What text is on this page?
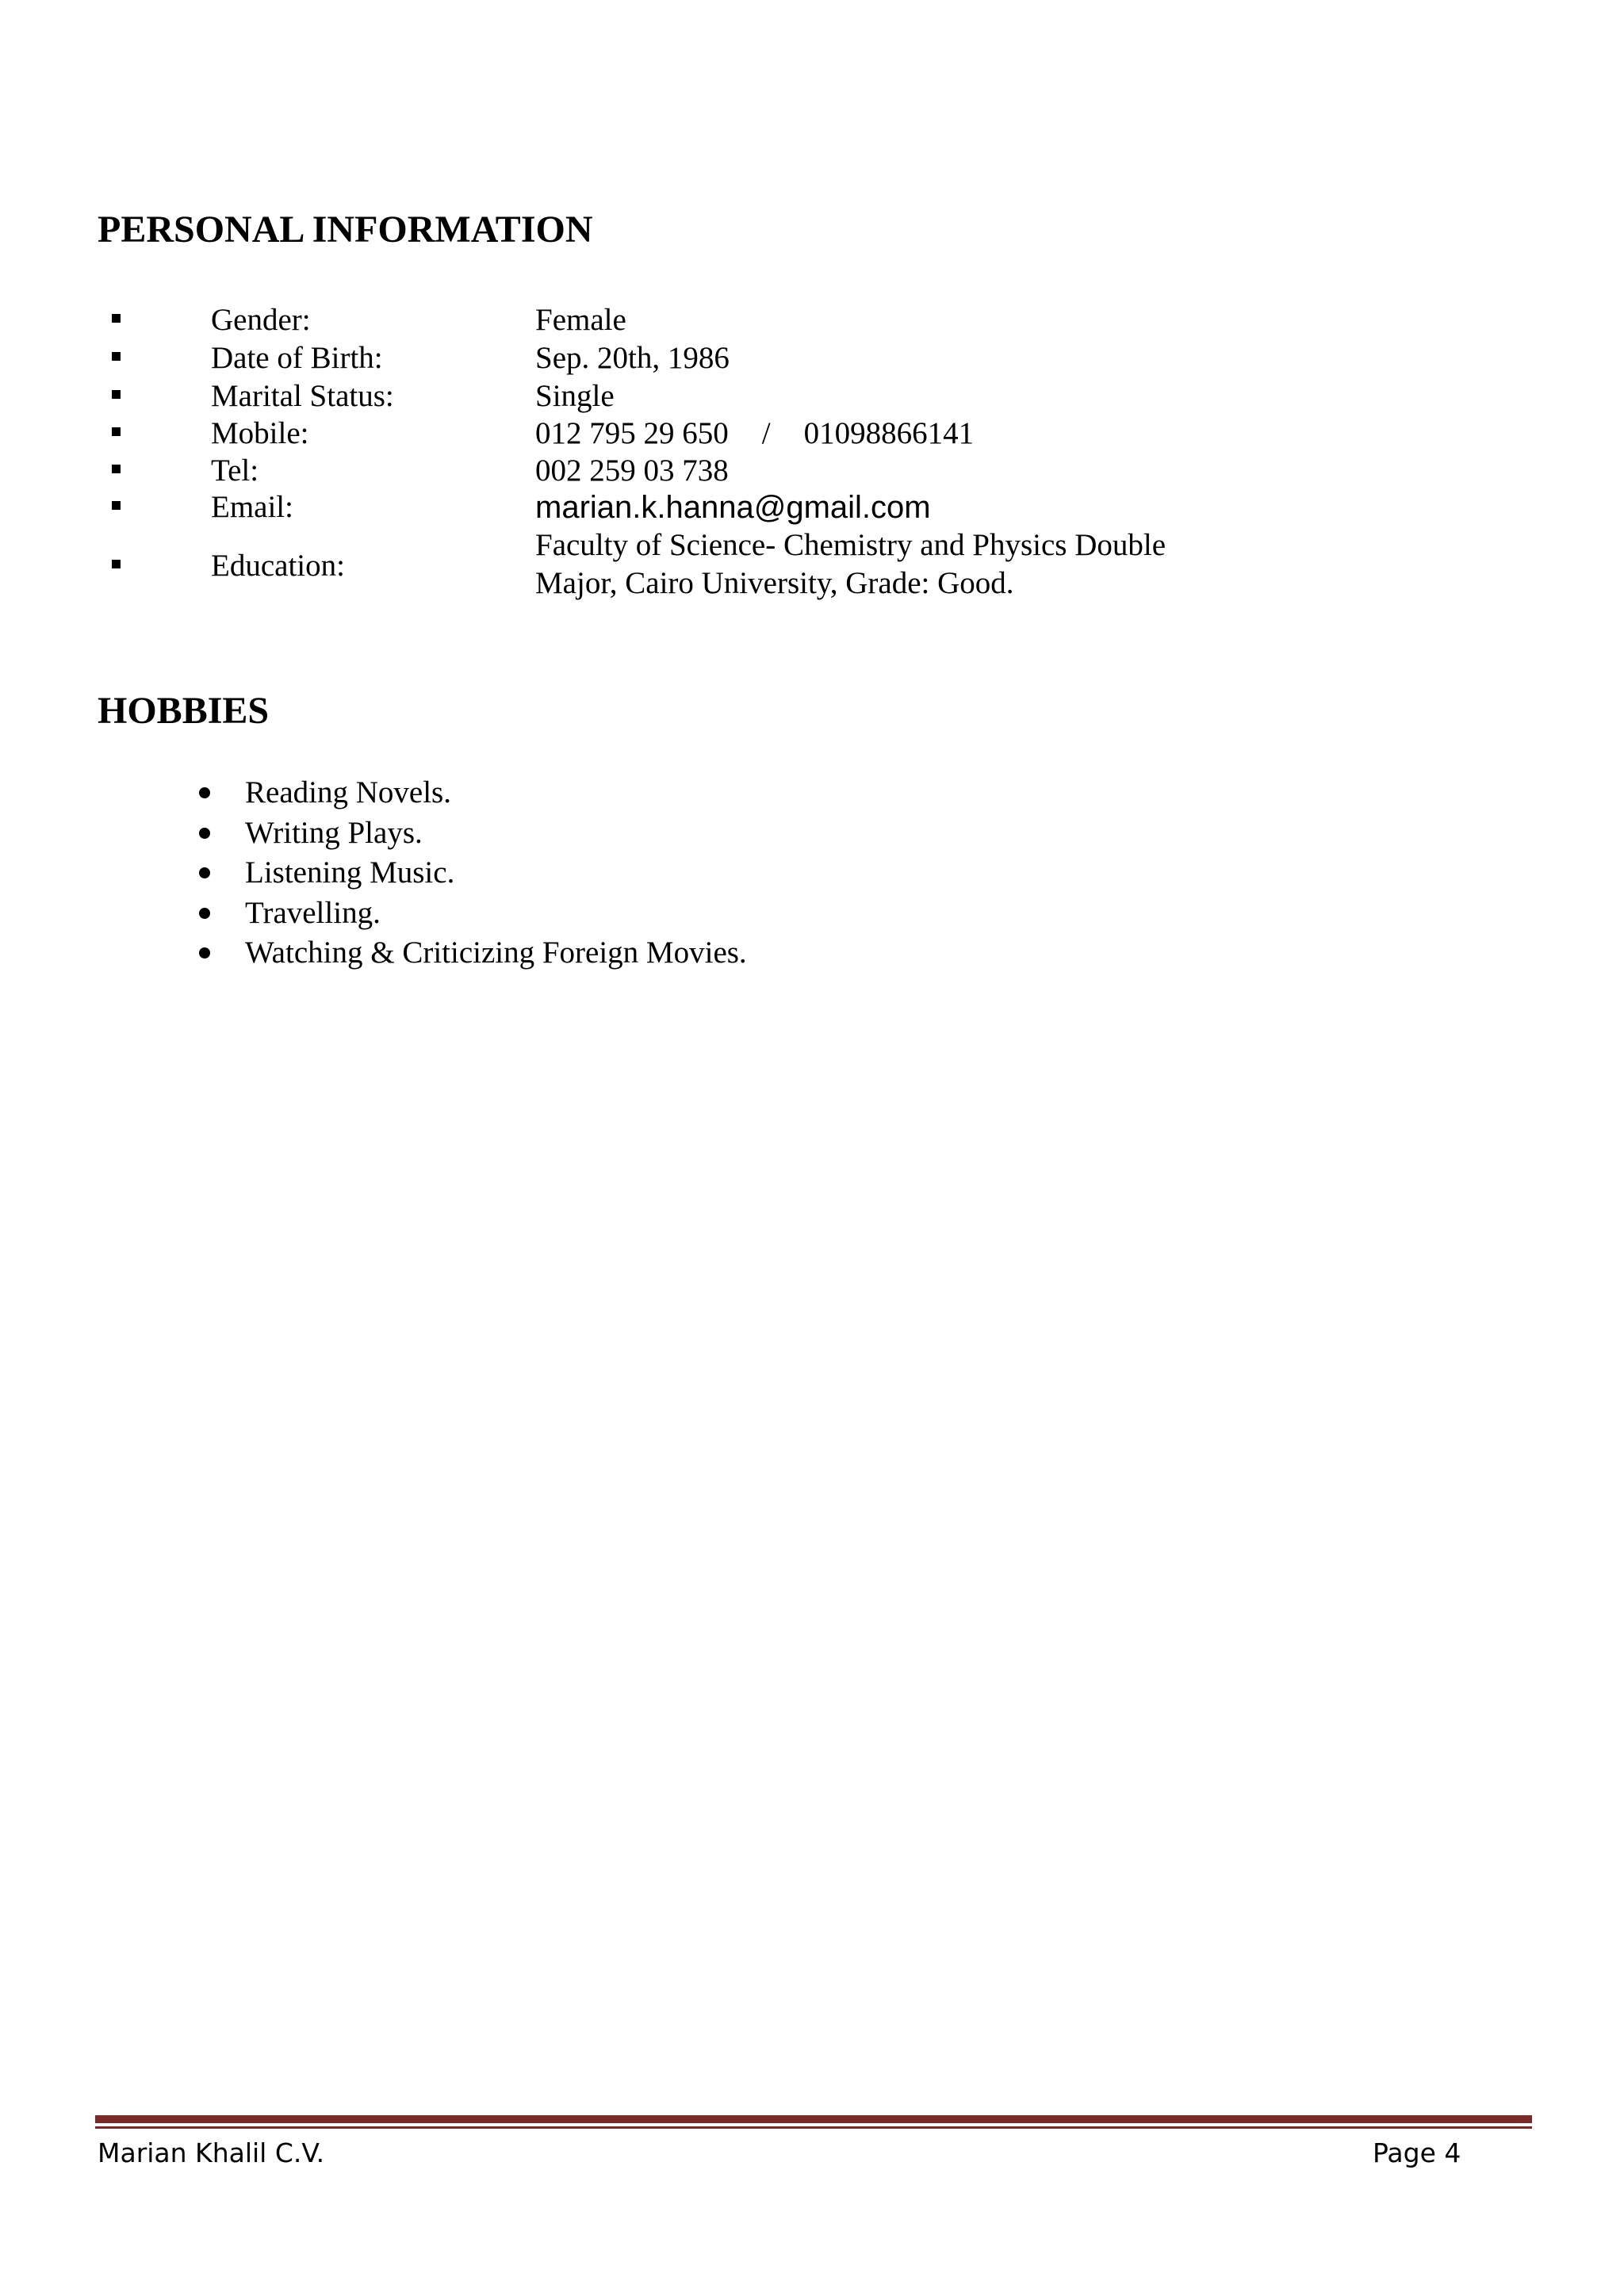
PERSONAL INFORMATION
Gender:	Female
Date of Birth:	Sep. 20th, 1986
Marital Status:	Single
Mobile:	012 795 29 650 / 01098866141
Tel:	002 259 03 738
Email:	marian.k.hanna@gmail.com
Education:
Faculty of Science- Chemistry and Physics Double
Major, Cairo University, Grade: Good.
HOBBIES
Reading Novels.
Writing Plays.
Listening Music.
Travelling.
Watching & Criticizing Foreign Movies.
Marian Khalil C.V.	Page 4
